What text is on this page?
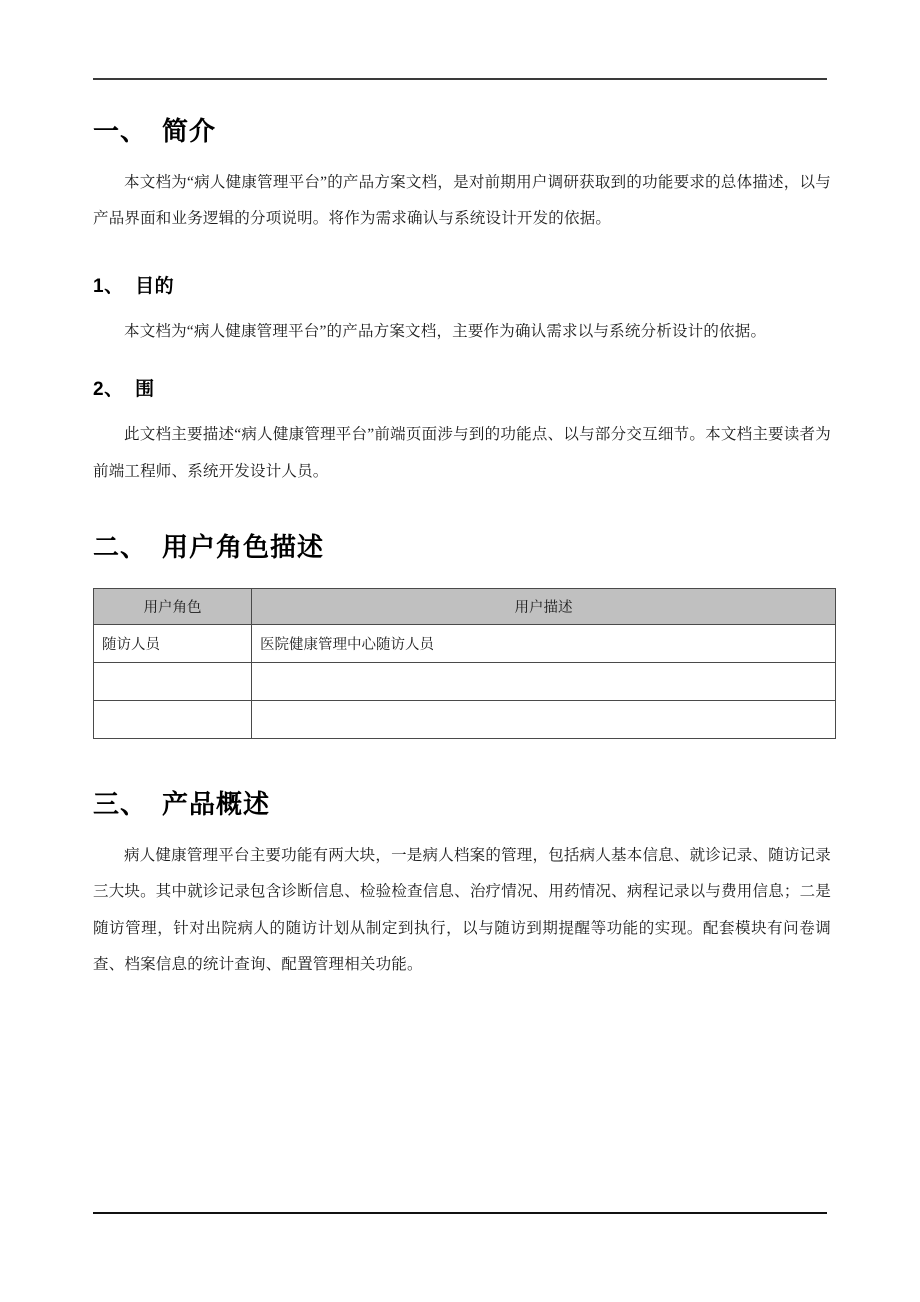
一、  简介

本文档为“病人健康管理平台”的产品方案文档，是对前期用户调研获取到的功能要求的总体描述，以与产品界面和业务逻辑的分项说明。将作为需求确认与系统设计开发的依据。

1、  目的

本文档为“病人健康管理平台”的产品方案文档，主要作为确认需求以与系统分析设计的依据。

2、  围

此文档主要描述“病人健康管理平台”前端页面涉与到的功能点、以与部分交互细节。本文档主要读者为前端工程师、系统开发设计人员。

二、  用户角色描述
用户角色	用户描述
随访人员	医院健康管理中心随访人员

三、  产品概述

病人健康管理平台主要功能有两大块，一是病人档案的管理，包括病人基本信息、就诊记录、随访记录三大块。其中就诊记录包含诊断信息、检验检查信息、治疗情况、用药情况、病程记录以与费用信息；二是随访管理，针对出院病人的随访计划从制定到执行，以与随访到期提醒等功能的实现。配套模块有问卷调查、档案信息的统计查询、配置管理相关功能。
